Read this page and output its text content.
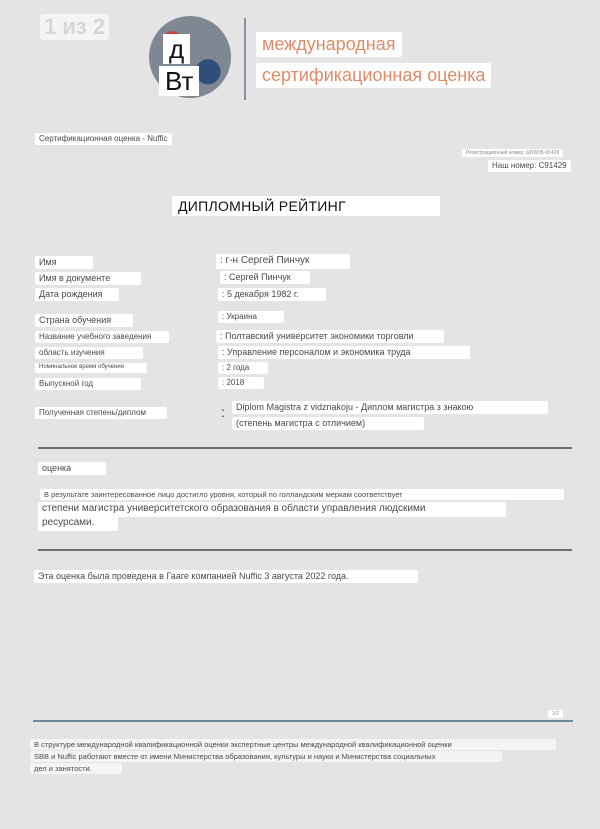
1 из 2
д
Вт
международная
сертификационная оценка
Сертификационная оценка - Nuffic
Регистрационный номер: IsDW35-91429
Наш номер: C91429
ДИПЛОМНЫЙ РЕЙТИНГ
Имя	: г-н Сергей Пинчук
Имя в документе	: Сергей Пинчук
Дата рождения	: 5 декабря 1982 г.
Страна обучения	: Украина
Название учебного заведения	: Полтавский университет экономики торговли
область изучения	: Управление персоналом и экономика труда
Номинальное время обучения	: 2 года
Выпускной год	: 2018
Полученная степень/диплом	:	Diplom Magistra z vidznakoju - Диплом магистра з знакою
(степень магистра с отличием)
оценка
В результате заинтересованное лицо достигло уровня, который по голландским меркам соответствует
степени магистра университетского образования в области управления людскими
ресурсами.
Эта оценка была проведена в Гааге компанией Nuffic 3 августа 2022 года.
1/2
В структуре международной квалификационной оценки экспертные центры международной квалификационной оценки
SBB и Nuffic работают вместе от имени Министерства образования, культуры и науки и Министерства социальных
дел и занятости.
